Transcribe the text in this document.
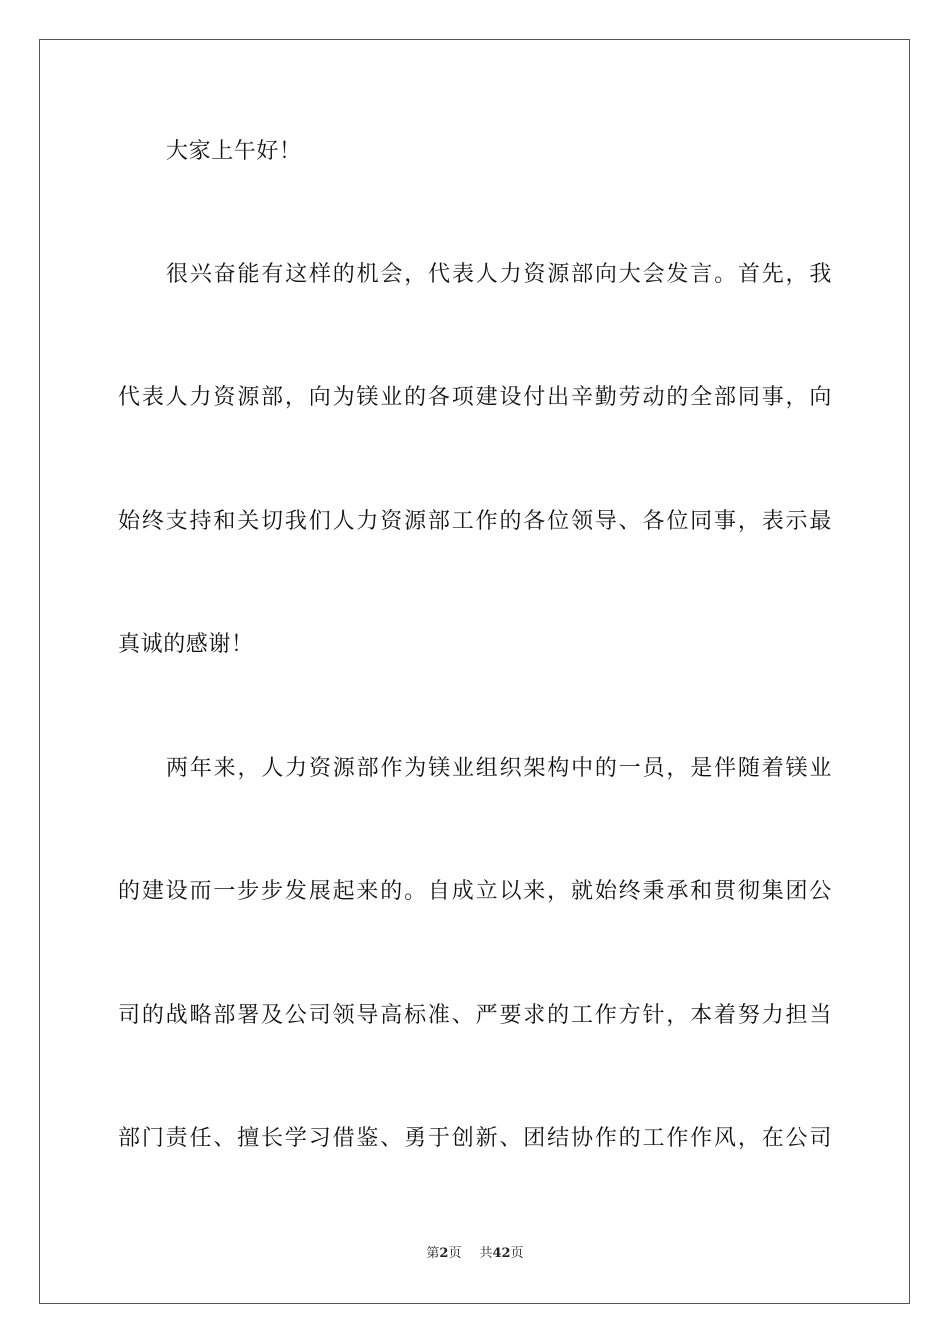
大家上午好！
很兴奋能有这样的机会，代表人力资源部向大会发言。首先，我
代表人力资源部，向为镁业的各项建设付出辛勤劳动的全部同事，向
始终支持和关切我们人力资源部工作的各位领导、各位同事，表示最
真诚的感谢！
两年来，人力资源部作为镁业组织架构中的一员，是伴随着镁业
的建设而一步步发展起来的。自成立以来，就始终秉承和贯彻集团公
司的战略部署及公司领导高标准、严要求的工作方针，本着努力担当
部门责任、擅长学习借鉴、勇于创新、团结协作的工作作风，在公司
第2页 共42页
